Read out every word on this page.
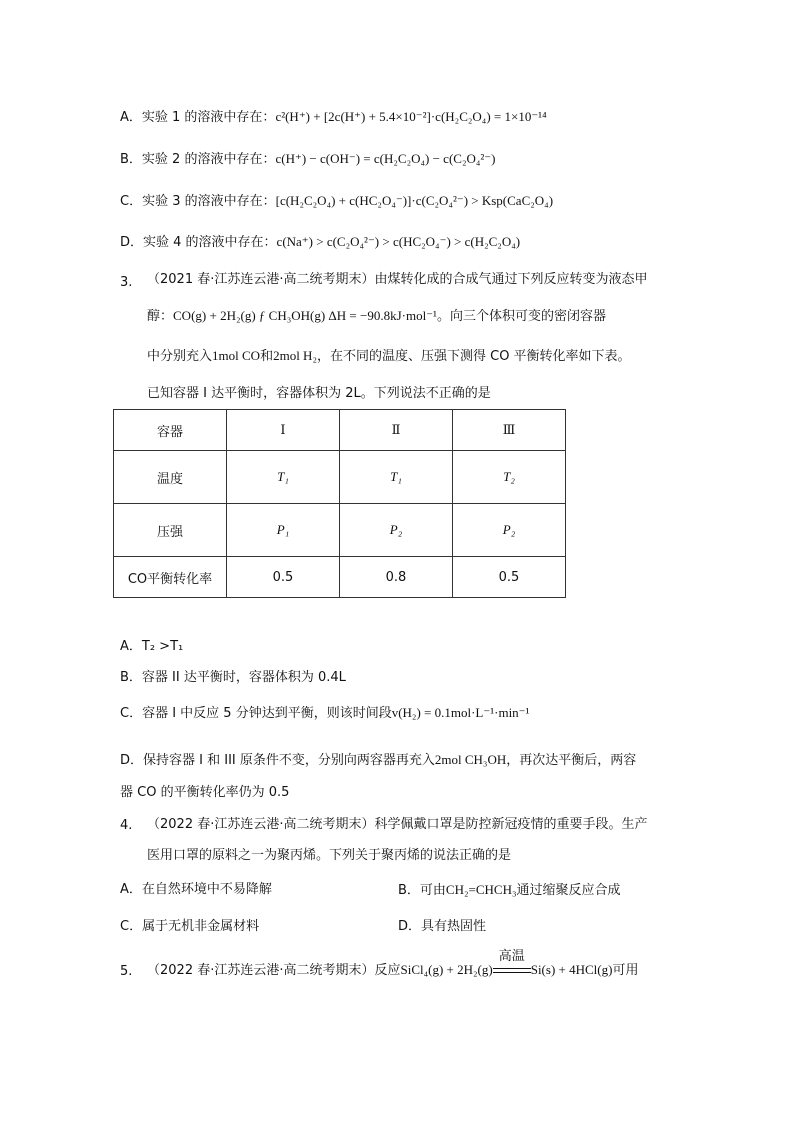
A．实验 1 的溶液中存在：c²(H⁺) + [2c(H⁺) + 5.4×10⁻²]·c(H₂C₂O₄) = 1×10⁻¹⁴
B．实验 2 的溶液中存在：c(H⁺) − c(OH⁻) = c(H₂C₂O₄) − c(C₂O₄²⁻)
C．实验 3 的溶液中存在：[c(H₂C₂O₄) + c(HC₂O₄⁻)]·c(C₂O₄²⁻) > Ksp(CaC₂O₄)
D．实验 4 的溶液中存在：c(Na⁺) > c(C₂O₄²⁻) > c(HC₂O₄⁻) > c(H₂C₂O₄)
3. （2021 春·江苏连云港·高二统考期末）由煤转化成的合成气通过下列反应转变为液态甲
醇：CO(g) + 2H₂(g) ƒ CH₃OH(g) ΔH = −90.8kJ·mol⁻¹。向三个体积可变的密闭容器
中分别充入1mol CO和2mol H₂，在不同的温度、压强下测得 CO 平衡转化率如下表。
已知容器 I 达平衡时，容器体积为 2L。下列说法不正确的是
容器	Ⅰ	Ⅱ	Ⅲ
温度	T₁	T₁	T₂
压强	P₁	P₂	P₂
CO平衡转化率	0.5	0.8	0.5
A．T₂ >T₁
B．容器 II 达平衡时，容器体积为 0.4L
C．容器 I 中反应 5 分钟达到平衡，则该时间段v(H₂) = 0.1mol·L⁻¹·min⁻¹
D．保持容器 I 和 III 原条件不变，分别向两容器再充入2mol CH₃OH，再次达平衡后，两容
器 CO 的平衡转化率仍为 0.5
4. （2022 春·江苏连云港·高二统考期末）科学佩戴口罩是防控新冠疫情的重要手段。生产
医用口罩的原料之一为聚丙烯。下列关于聚丙烯的说法正确的是
A．在自然环境中不易降解	B．可由CH₂=CHCH₃通过缩聚反应合成
C．属于无机非金属材料	D．具有热固性
5. （2022 春·江苏连云港·高二统考期末）反应SiCl₄(g) + 2H₂(g)
高温
Si(s) + 4HCl(g)可用
